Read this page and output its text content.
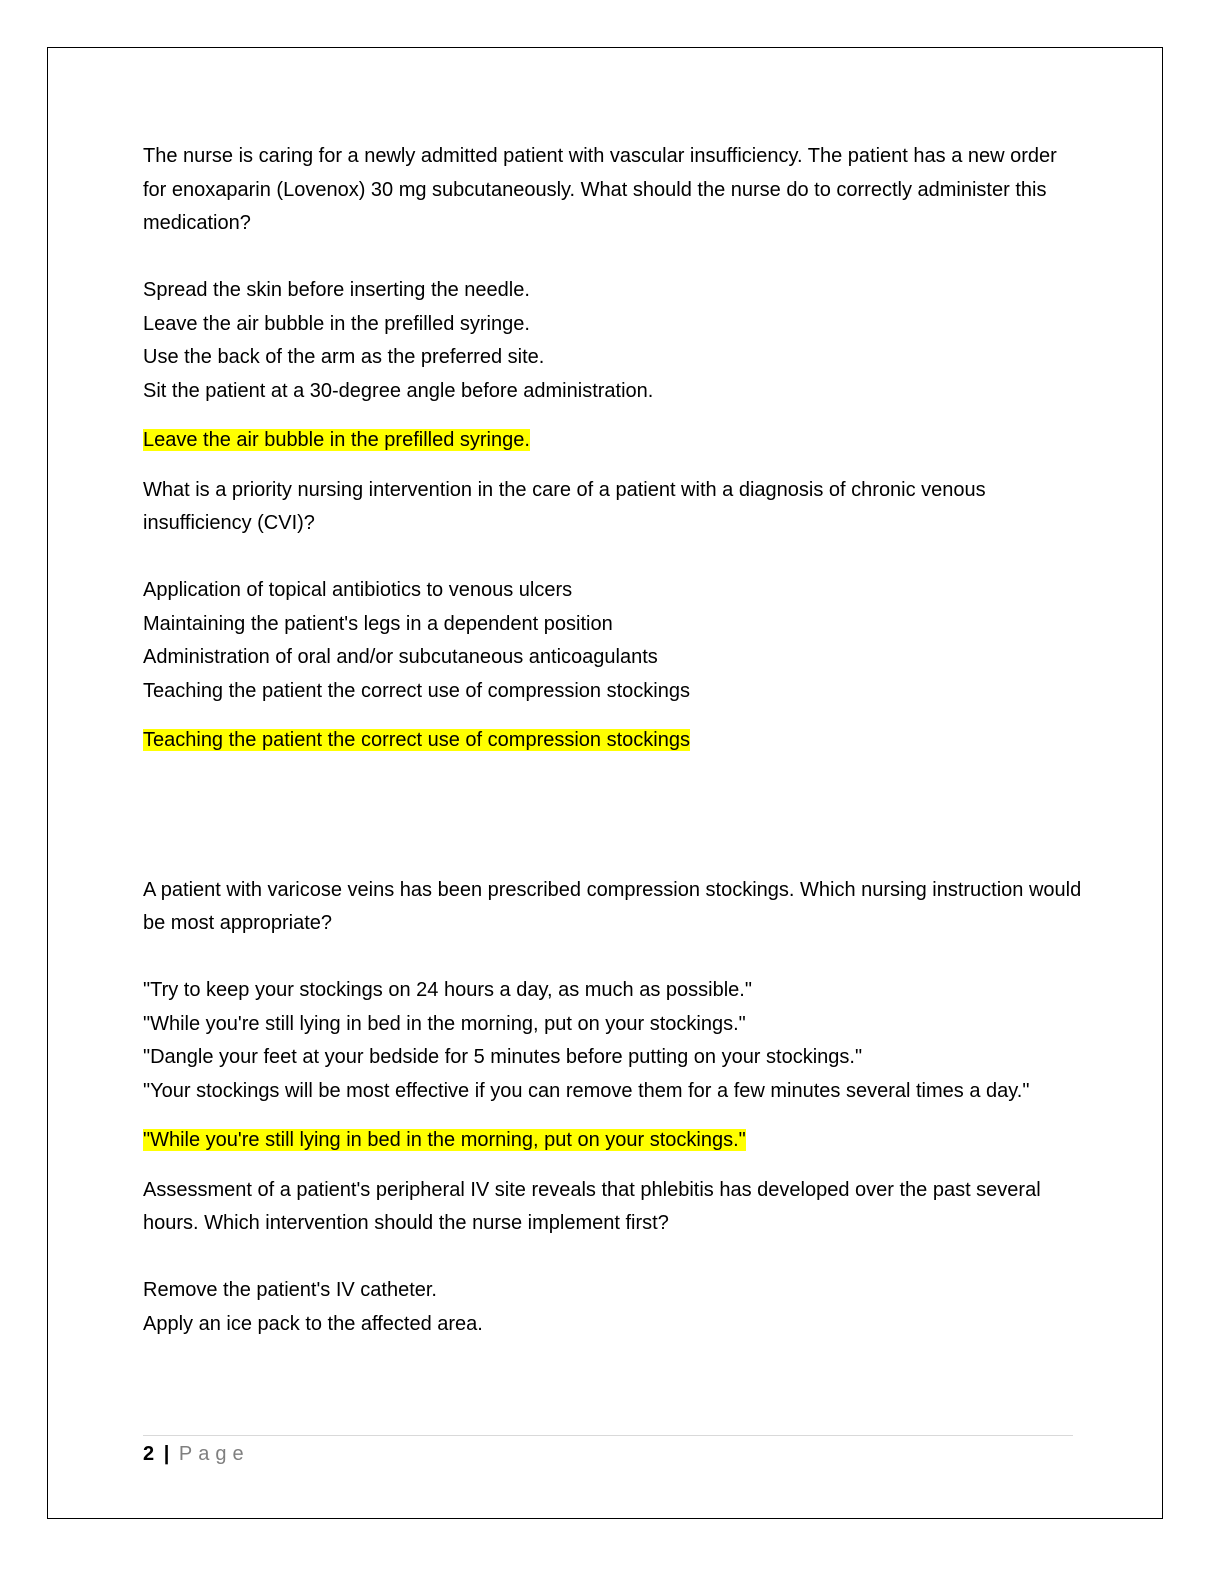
The nurse is caring for a newly admitted patient with vascular insufficiency. The patient has a new order for enoxaparin (Lovenox) 30 mg subcutaneously. What should the nurse do to correctly administer this medication?

Spread the skin before inserting the needle.
Leave the air bubble in the prefilled syringe.
Use the back of the arm as the preferred site.
Sit the patient at a 30-degree angle before administration.

Leave the air bubble in the prefilled syringe.

What is a priority nursing intervention in the care of a patient with a diagnosis of chronic venous insufficiency (CVI)?

Application of topical antibiotics to venous ulcers
Maintaining the patient's legs in a dependent position
Administration of oral and/or subcutaneous anticoagulants
Teaching the patient the correct use of compression stockings

Teaching the patient the correct use of compression stockings

A patient with varicose veins has been prescribed compression stockings. Which nursing instruction would be most appropriate?

"Try to keep your stockings on 24 hours a day, as much as possible."
"While you're still lying in bed in the morning, put on your stockings."
"Dangle your feet at your bedside for 5 minutes before putting on your stockings."
"Your stockings will be most effective if you can remove them for a few minutes several times a day."

"While you're still lying in bed in the morning, put on your stockings."

Assessment of a patient's peripheral IV site reveals that phlebitis has developed over the past several hours. Which intervention should the nurse implement first?

Remove the patient's IV catheter.
Apply an ice pack to the affected area.
2 | Page
